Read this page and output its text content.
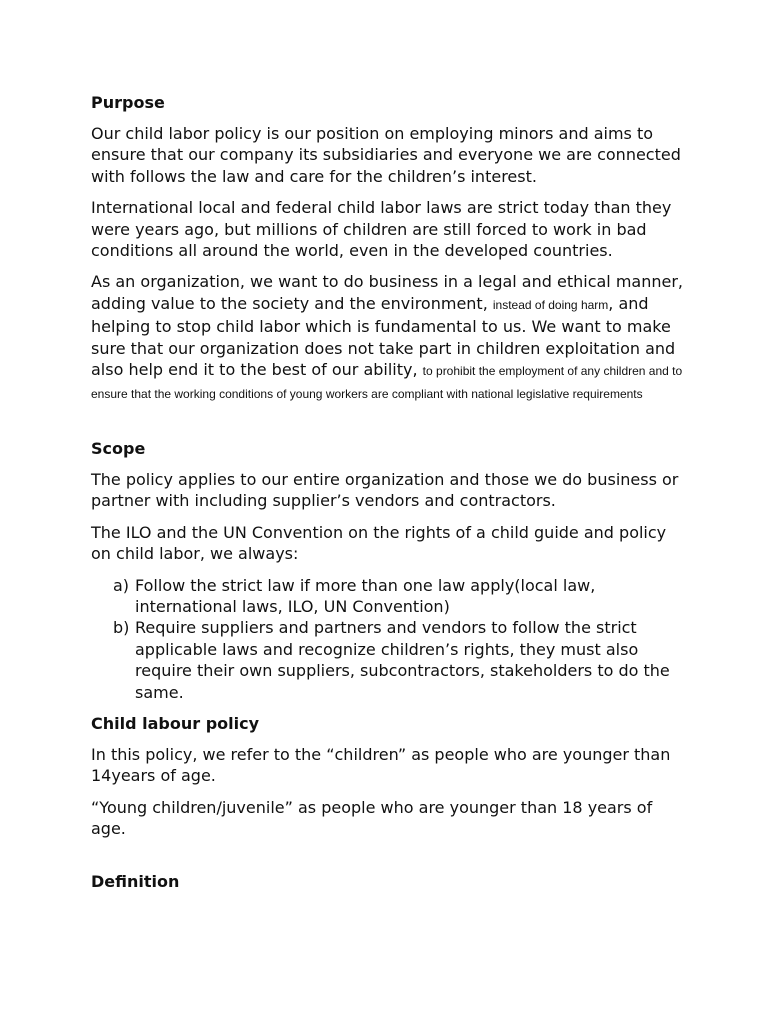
Purpose

Our child labor policy is our position on employing minors and aims to ensure that our company its subsidiaries and everyone we are connected with follows the law and care for the children’s interest.

International local and federal child labor laws are strict today than they were years ago, but millions of children are still forced to work in bad conditions all around the world, even in the developed countries.

As an organization, we want to do business in a legal and ethical manner, adding value to the society and the environment, instead of doing harm, and helping to stop child labor which is fundamental to us. We want to make sure that our organization does not take part in children exploitation and also help end it to the best of our ability, to prohibit the employment of any children and to ensure that the working conditions of young workers are compliant with national legislative requirements

Scope

The policy applies to our entire organization and those we do business or partner with including supplier’s vendors and contractors.

The ILO and the UN Convention on the rights of a child guide and policy on child labor, we always:

a) Follow the strict law if more than one law apply(local law, international laws, ILO, UN Convention)
b) Require suppliers and partners and vendors to follow the strict applicable laws and recognize children’s rights, they must also require their own suppliers, subcontractors, stakeholders to do the same.
Child labour policy

In this policy, we refer to the “children” as people who are younger than 14years of age.

“Young children/juvenile” as people who are younger than 18 years of age.

Definition
